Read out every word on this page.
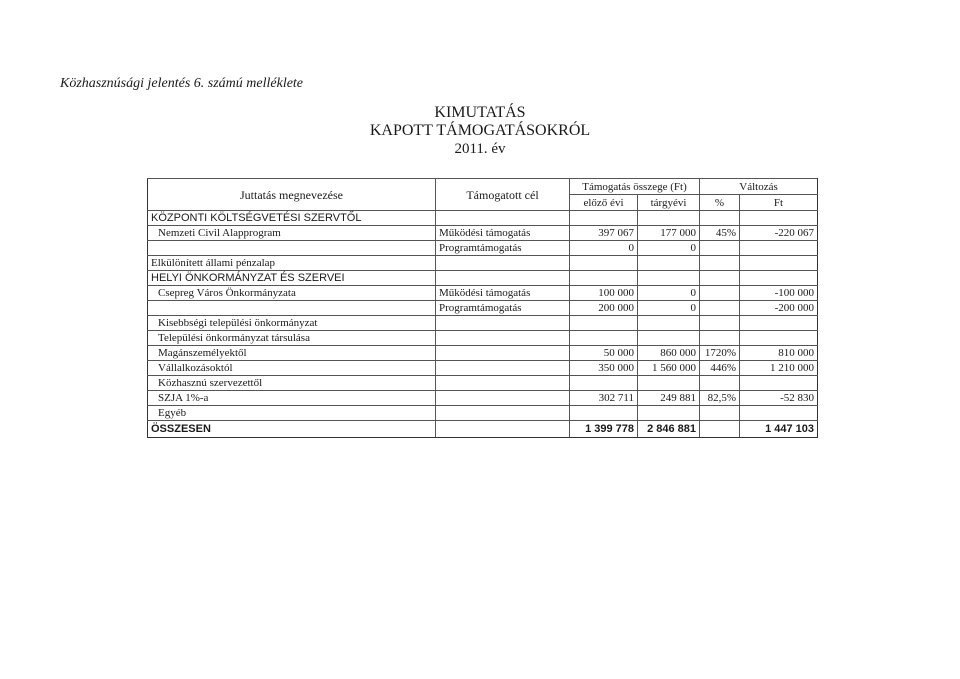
Közhasznúsági jelentés 6. számú melléklete
KIMUTATÁS
KAPOTT TÁMOGATÁSOKRÓL
2011. év
Juttatás megnevezése	Támogatott cél	Támogatás összege (Ft)		Változás	
		előző évi	tárgyévi	%	Ft
KÖZPONTI KÖLTSÉGVETÉSI SZERVTŐL					
Nemzeti Civil Alapprogram	Működési támogatás	397 067	177 000	45%	-220 067
	Programtámogatás	0	0		
Elkülönített állami pénzalap					
HELYI ÖNKORMÁNYZAT ÉS SZERVEI					
Csepreg Város Önkormányzata	Működési támogatás	100 000	0		-100 000
	Programtámogatás	200 000	0		-200 000
Kisebbségi települési önkormányzat					
Települési önkormányzat társulása					
Magánszemélyektől		50 000	860 000	1720%	810 000
Vállalkozásoktól		350 000	1 560 000	446%	1 210 000
Közhasznú szervezettől					
SZJA 1%-a		302 711	249 881	82,5%	-52 830
Egyéb					
ÖSSZESEN		1 399 778	2 846 881		1 447 103
